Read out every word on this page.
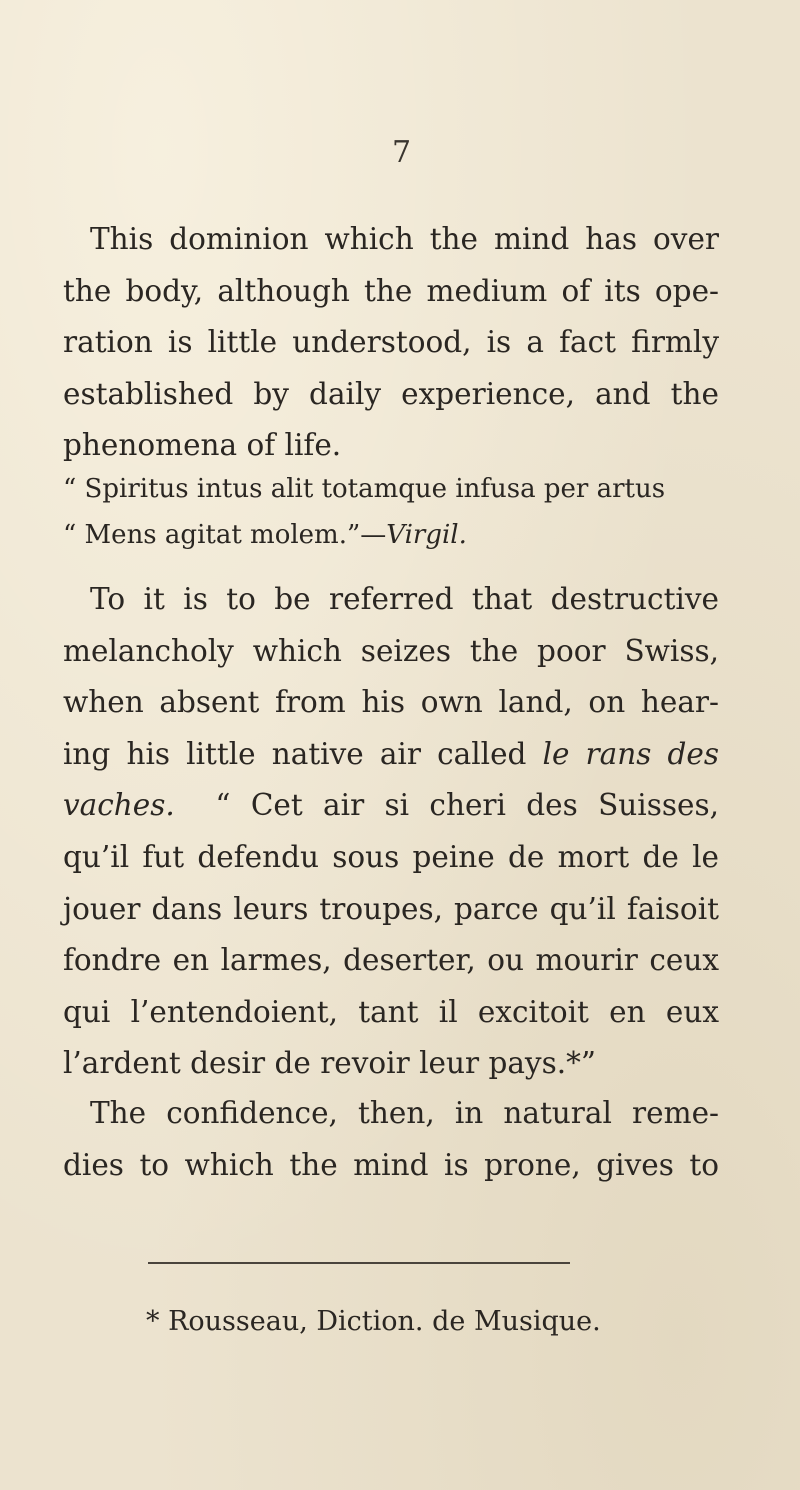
7
This dominion which the mind has over
the body, although the medium of its ope-
ration is little understood, is a fact firmly
established by daily experience, and the
phenomena of life.
“ Spiritus intus alit totamque infusa per artus
“ Mens agitat molem.”—Virgil.
To it is to be referred that destructive
melancholy which seizes the poor Swiss,
when absent from his own land, on hear-
ing his little native air called le rans des
vaches.  “ Cet air si cheri des Suisses,
qu’il fut defendu sous peine de mort de le
jouer dans leurs troupes, parce qu’il faisoit
fondre en larmes, deserter, ou mourir ceux
qui l’entendoient, tant il excitoit en eux
l’ardent desir de revoir leur pays.*”
The confidence, then, in natural reme-
dies to which the mind is prone, gives to
* Rousseau, Diction. de Musique.
